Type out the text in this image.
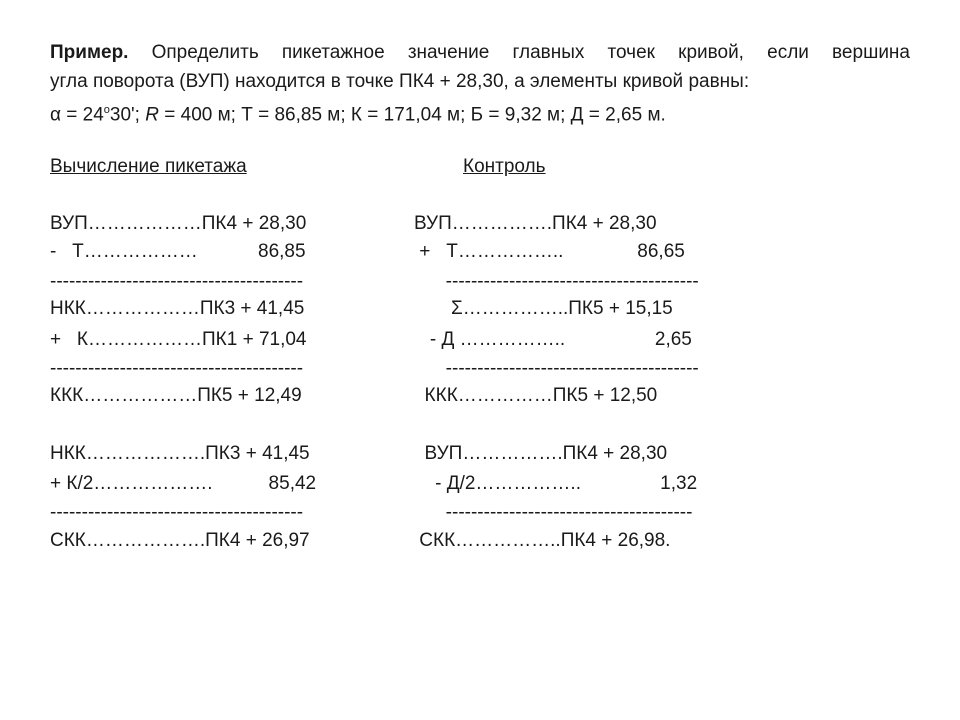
Пример. Определить пикетажное значение главных точек кривой, если вершина
угла поворота (ВУП) находится в точке ПК4 + 28,30, а элементы кривой равны:
$\alpha = 24^о30'$; R = 400 м; Т = 86,85 м; К = 171,04 м; Б = 9,32 м; Д = 2,65 м.
Вычисление пикетажа	Контроль
ВУП………………ПК4 + 28,30
-   Т………………	86,85
----------------------------------------
НКК………………ПК3 + 41,45
+   К………………ПК1 + 71,04
----------------------------------------
ККК………………ПК5 + 12,49
НКК……………….ПК3 + 41,45
+ К/2………………. 85,42
----------------------------------------
СКК……………….ПК4 + 26,97
ВУП…………….ПК4 + 28,30
+   Т……………..              86,65
----------------------------------------
Σ……………..ПК5 + 15,15
- Д ……………..                 2,65
----------------------------------------
ККК……………ПК5 + 12,50
ВУП…………….ПК4 + 28,30
- Д/2……………..               1,32
---------------------------------------
СКК……………..ПК4 + 26,98.
